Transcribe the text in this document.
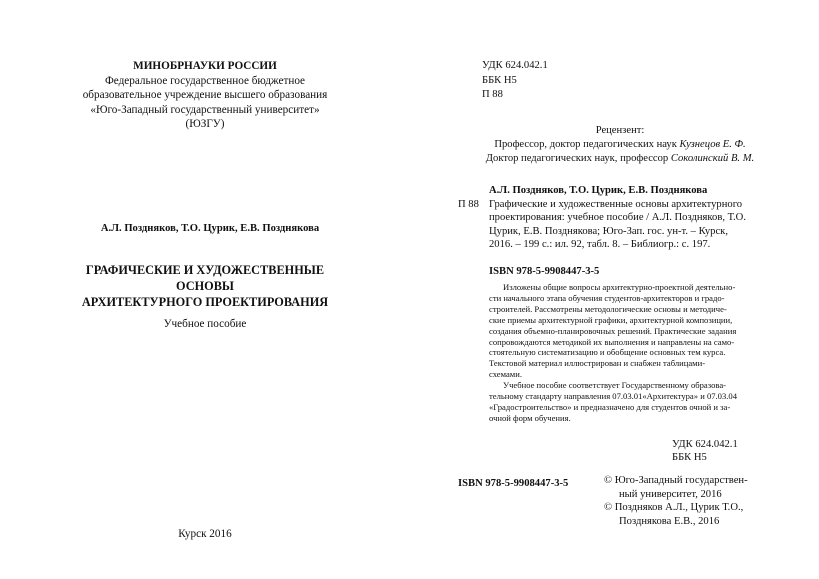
МИНОБРНАУКИ РОССИИ
Федеральное государственное бюджетное
образовательное учреждение высшего образования
«Юго-Западный государственный университет»
(ЮЗГУ)
А.Л. Поздняков, Т.О. Цурик, Е.В. Позднякова
ГРАФИЧЕСКИЕ И ХУДОЖЕСТВЕННЫЕ
ОСНОВЫ
АРХИТЕКТУРНОГО ПРОЕКТИРОВАНИЯ
Учебное пособие
Курск 2016
УДК 624.042.1
ББК Н5
П 88
Рецензент:
Профессор, доктор педагогических наук Кузнецов Е. Ф.
Доктор педагогических наук, профессор Соколинский В. М.
П 88
А.Л. Поздняков, Т.О. Цурик, Е.В. Позднякова
Графические и художественные основы архитектурного
проектирования: учебное пособие / А.Л. Поздняков, Т.О.
Цурик, Е.В. Позднякова; Юго-Зап. гос. ун-т. – Курск,
2016. – 199 с.: ил. 92, табл. 8. – Библиогр.: с. 197.
ISBN 978-5-9908447-3-5
Изложены общие вопросы архитектурно-проектной деятельно-
сти начального этапа обучения студентов-архитекторов и градо-
строителей. Рассмотрены методологические основы и методиче-
ские приемы архитектурной графики, архитектурной композиции,
создания объемно-планировочных решений. Практические задания
сопровождаются методикой их выполнения и направлены на само-
стоятельную систематизацию и обобщение основных тем курса.
Текстовой материал иллюстрирован и снабжен таблицами-
схемами.
Учебное пособие соответствует Государственному образова-
тельному стандарту направления 07.03.01«Архитектура» и 07.03.04
«Градостроительство» и предназначено для студентов очной и за-
очной форм обучения.
УДК 624.042.1
ББК Н5
ISBN 978-5-9908447-3-5	© Юго-Западный государствен-
ный университет, 2016
© Поздняков А.Л., Цурик Т.О.,
Позднякова Е.В., 2016
